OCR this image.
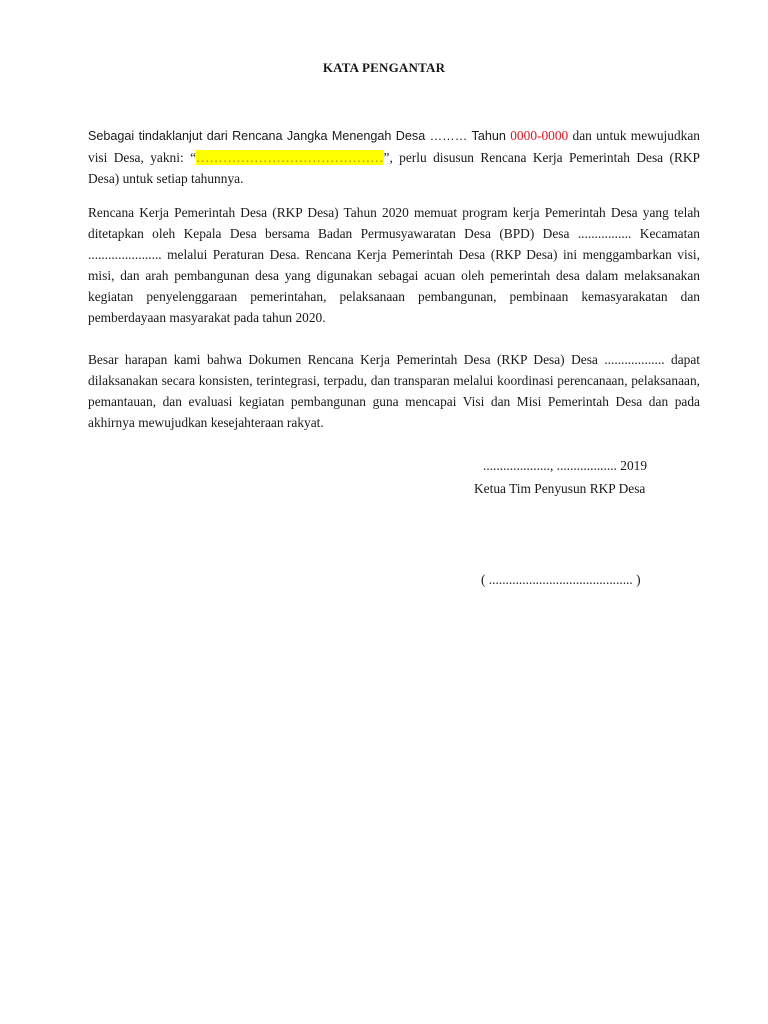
KATA PENGANTAR

Sebagai tindaklanjut dari Rencana Jangka Menengah Desa ……… Tahun 0000-0000 dan untuk mewujudkan visi Desa, yakni: “……………………………………”, perlu disusun Rencana Kerja Pemerintah Desa (RKP Desa) untuk setiap tahunnya.

Rencana Kerja Pemerintah Desa (RKP Desa) Tahun 2020 memuat program kerja Pemerintah Desa yang telah ditetapkan oleh Kepala Desa bersama Badan Permusyawaratan Desa (BPD) Desa ................ Kecamatan ...................... melalui Peraturan Desa. Rencana Kerja Pemerintah Desa (RKP Desa) ini menggambarkan visi, misi, dan arah pembangunan desa yang digunakan sebagai acuan oleh pemerintah desa dalam melaksanakan kegiatan penyelenggaraan pemerintahan, pelaksanaan pembangunan, pembinaan kemasyarakatan dan pemberdayaan masyarakat pada tahun 2020.

Besar harapan kami bahwa Dokumen Rencana Kerja Pemerintah Desa (RKP Desa) Desa .................. dapat dilaksanakan secara konsisten, terintegrasi, terpadu, dan transparan melalui koordinasi perencanaan, pelaksanaan, pemantauan, dan evaluasi kegiatan pembangunan guna mencapai Visi dan Misi Pemerintah Desa dan pada akhirnya mewujudkan kesejahteraan rakyat.

...................., .................. 2019
Ketua Tim Penyusun RKP Desa
( ........................................... )
